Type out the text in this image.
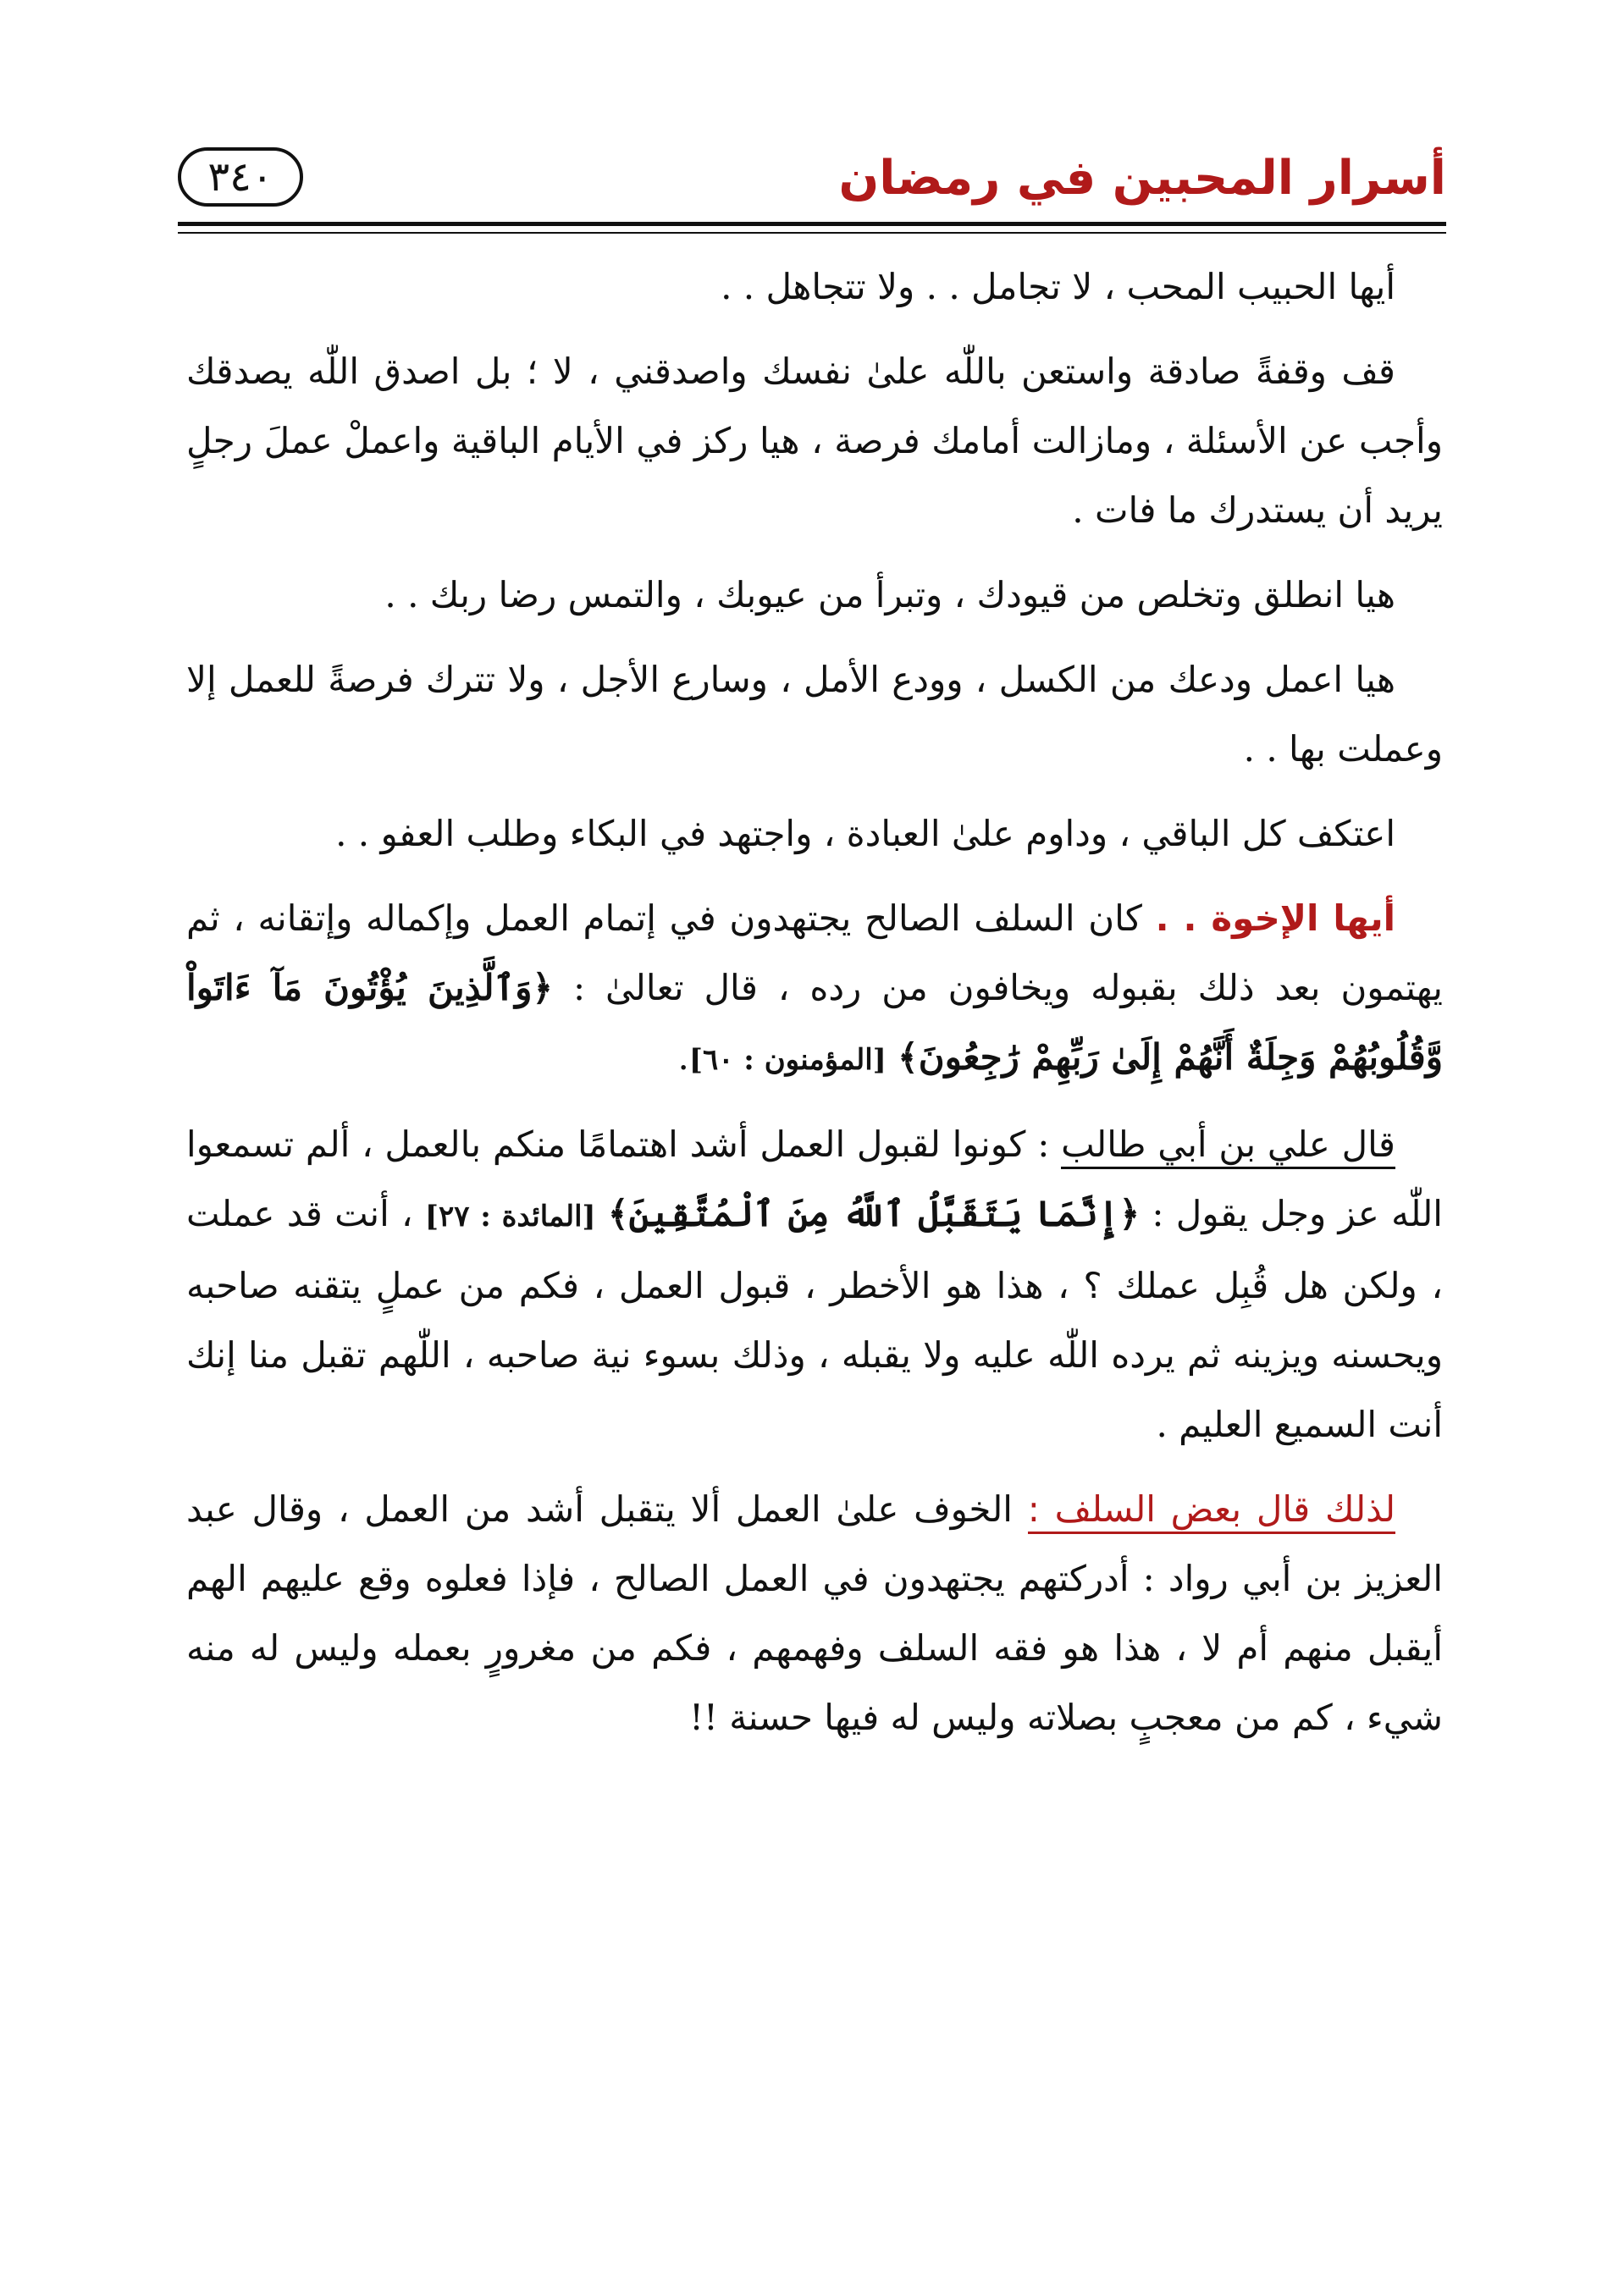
أسرار المحبين في رمضان
٣٤٠

أيها الحبيب المحب ، لا تجامل . . ولا تتجاهل . .

قف وقفةً صادقة واستعن باللّٰه علىٰ نفسك واصدقني ، لا ؛ بل اصدق اللّٰه يصدقك وأجب عن الأسئلة ، ومازالت أمامك فرصة ، هيا ركز في الأيام الباقية واعملْ عملَ رجلٍ يريد أن يستدرك ما فات .

هيا انطلق وتخلص من قيودك ، وتبرأ من عيوبك ، والتمس رضا ربك . .

هيا اعمل ودعك من الكسل ، وودع الأمل ، وسارع الأجل ، ولا تترك فرصةً للعمل إلا وعملت بها . .

اعتكف كل الباقي ، وداوم علىٰ العبادة ، واجتهد في البكاء وطلب العفو . .

أيها الإخوة . . كان السلف الصالح يجتهدون في إتمام العمل وإكماله وإتقانه ، ثم يهتمون بعد ذلك بقبوله ويخافون من رده ، قال تعالىٰ : ﴿وَٱلَّذِينَ يُؤْتُونَ مَآ ءَاتَواْ وَّقُلُوبُهُمْ وَجِلَةٌ أَنَّهُمْ إِلَىٰ رَبِّهِمْ رَٰجِعُونَ﴾ [المؤمنون : ٦٠].

قال علي بن أبي طالب : كونوا لقبول العمل أشد اهتمامًا منكم بالعمل ، ألم تسمعوا اللّٰه عز وجل يقول : ﴿إِنَّمَا يَتَقَبَّلُ ٱللَّهُ مِنَ ٱلْمُتَّقِينَ﴾ [المائدة : ٢٧] ، أنت قد عملت ، ولكن هل قُبِل عملك ؟ ، هذا هو الأخطر ، قبول العمل ، فكم من عملٍ يتقنه صاحبه ويحسنه ويزينه ثم يرده اللّٰه عليه ولا يقبله ، وذلك بسوء نية صاحبه ، اللّٰهم تقبل منا إنك أنت السميع العليم .

لذلك قال بعض السلف : الخوف علىٰ العمل ألا يتقبل أشد من العمل ، وقال عبد العزيز بن أبي رواد : أدركتهم يجتهدون في العمل الصالح ، فإذا فعلوه وقع عليهم الهم أيقبل منهم أم لا ، هذا هو فقه السلف وفهمهم ، فكم من مغرورٍ بعمله وليس له منه شيء ، كم من معجبٍ بصلاته وليس له فيها حسنة !!
